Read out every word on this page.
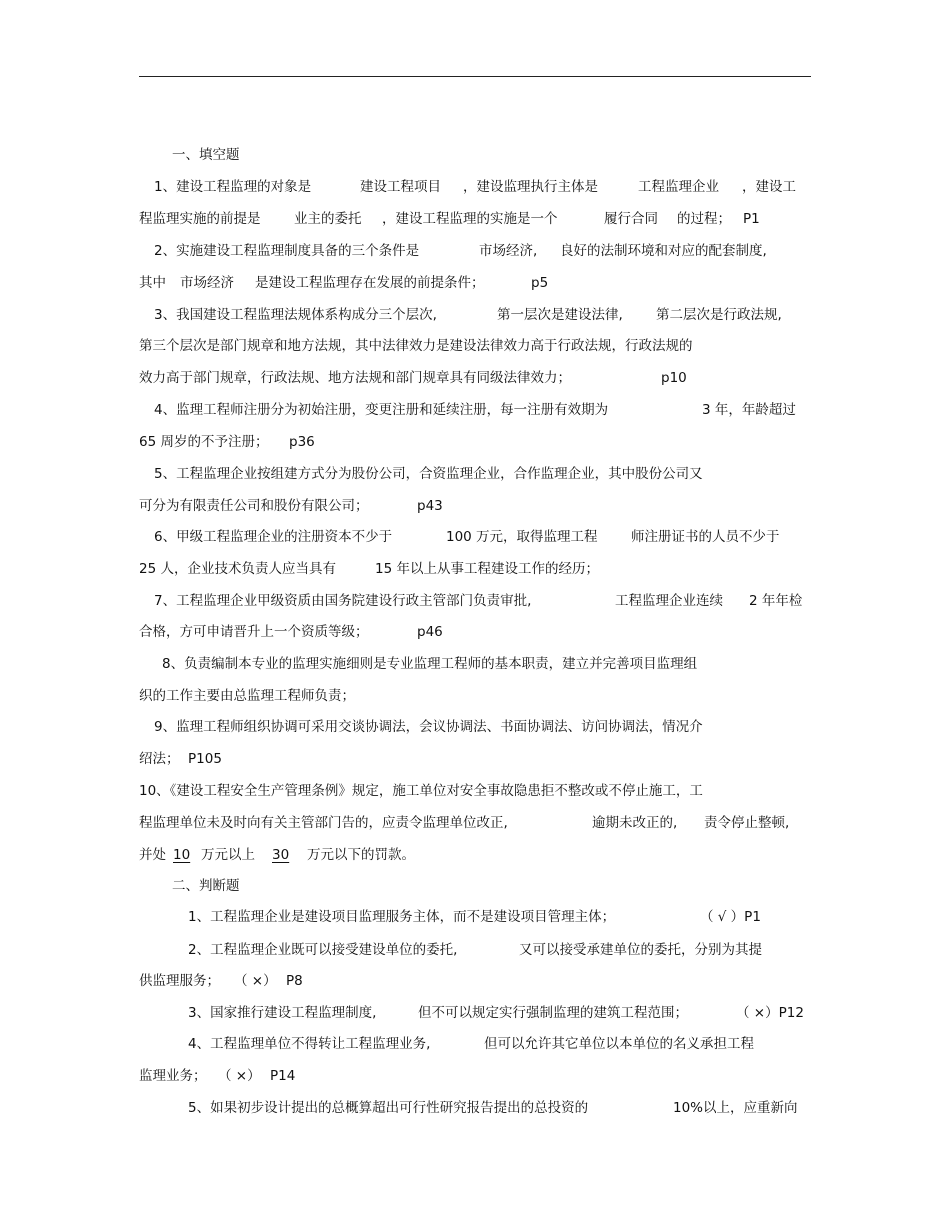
一、填空题
1、建设工程监理的对象是	建设工程项目 ，建设监理执行主体是	工程监理企业 ，建设工
程监理实施的前提是 业主的委托 ，建设工程监理的实施是一个	履行合同 的过程； P1
2、实施建设工程监理制度具备的三个条件是	市场经济, 良好的法制环境和对应的配套制度,
其中 市场经济 是建设工程监理存在发展的前提条件；	p5
3、我国建设工程监理法规体系构成分三个层次,	第一层次是建设法律, 第二层次是行政法规,
第三个层次是部门规章和地方法规，其中法律效力是建设法律效力高于行政法规，行政法规的
效力高于部门规章，行政法规、地方法规和部门规章具有同级法律效力；	p10
4、监理工程师注册分为初始注册，变更注册和延续注册，每一注册有效期为	3 年，年龄超过
65 周岁的不予注册； p36
5、工程监理企业按组建方式分为股份公司，合资监理企业，合作监理企业，其中股份公司又
可分为有限责任公司和股份有限公司；	p43
6、甲级工程监理企业的注册资本不少于	100 万元，取得监理工程 师注册证书的人员不少于
25 人，企业技术负责人应当具有	15 年以上从事工程建设工作的经历；
7、工程监理企业甲级资质由国务院建设行政主管部门负责审批,	工程监理企业连续 2 年年检
合格，方可申请晋升上一个资质等级；	p46
8、负责编制本专业的监理实施细则是专业监理工程师的基本职责，建立并完善项目监理组
织的工作主要由总监理工程师负责；
9、监理工程师组织协调可采用交谈协调法，会议协调法、书面协调法、访问协调法，情况介
绍法； P105
10、《建设工程安全生产管理条例》规定，施工单位对安全事故隐患拒不整改或不停止施工，工
程监理单位未及时向有关主管部门告的，应责令监理单位改正,	逾期未改正的, 责令停止整顿,
并处 10 万元以上 30	万元以下的罚款。
二、判断题
1、工程监理企业是建设项目监理服务主体，而不是建设项目管理主体；	（ √ ）P1
2、工程监理企业既可以接受建设单位的委托,	又可以接受承建单位的委托，分别为其提
供监理服务； （ ×） P8
3、国家推行建设工程监理制度,	但不可以规定实行强制监理的建筑工程范围；	（ ×）P12
4、工程监理单位不得转让工程监理业务,	但可以允许其它单位以本单位的名义承担工程
监理业务； （ ×） P14
5、如果初步设计提出的总概算超出可行性研究报告提出的总投资的	10%以上，应重新向
